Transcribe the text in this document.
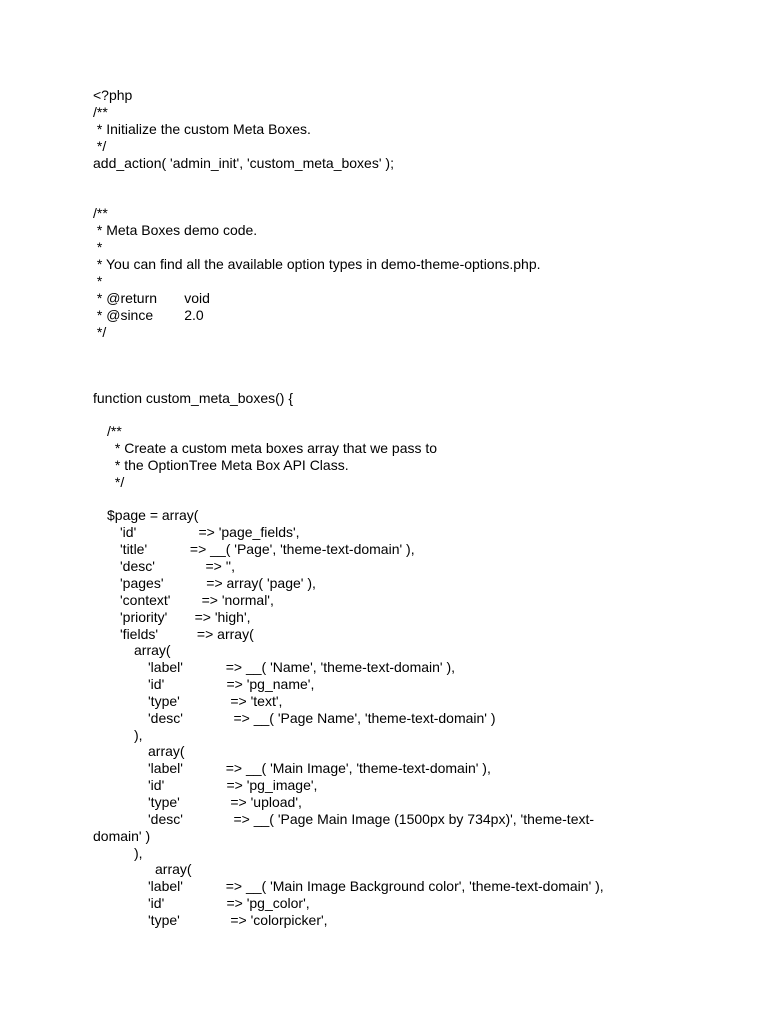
<?php
/**
* Initialize the custom Meta Boxes.
*/
add_action( 'admin_init', 'custom_meta_boxes' );
/**
* Meta Boxes demo code.
*
* You can find all the available option types in demo-theme-options.php.
*
* @return       void
* @since        2.0
*/
function custom_meta_boxes() {
/**
* Create a custom meta boxes array that we pass to
* the OptionTree Meta Box API Class.
*/
$page = array(
'id'                => 'page_fields',
'title'           => __( 'Page', 'theme-text-domain' ),
'desc'             => '',
'pages'           => array( 'page' ),
'context'        => 'normal',
'priority'       => 'high',
'fields'          => array(
array(
'label'           => __( 'Name', 'theme-text-domain' ),
'id'                => 'pg_name',
'type'             => 'text',
'desc'             => __( 'Page Name', 'theme-text-domain' )
),
array(
'label'           => __( 'Main Image', 'theme-text-domain' ),
'id'                => 'pg_image',
'type'             => 'upload',
'desc'             => __( 'Page Main Image (1500px by 734px)', 'theme-text-
domain' )
),
array(
'label'           => __( 'Main Image Background color', 'theme-text-domain' ),
'id'                => 'pg_color',
'type'             => 'colorpicker',
